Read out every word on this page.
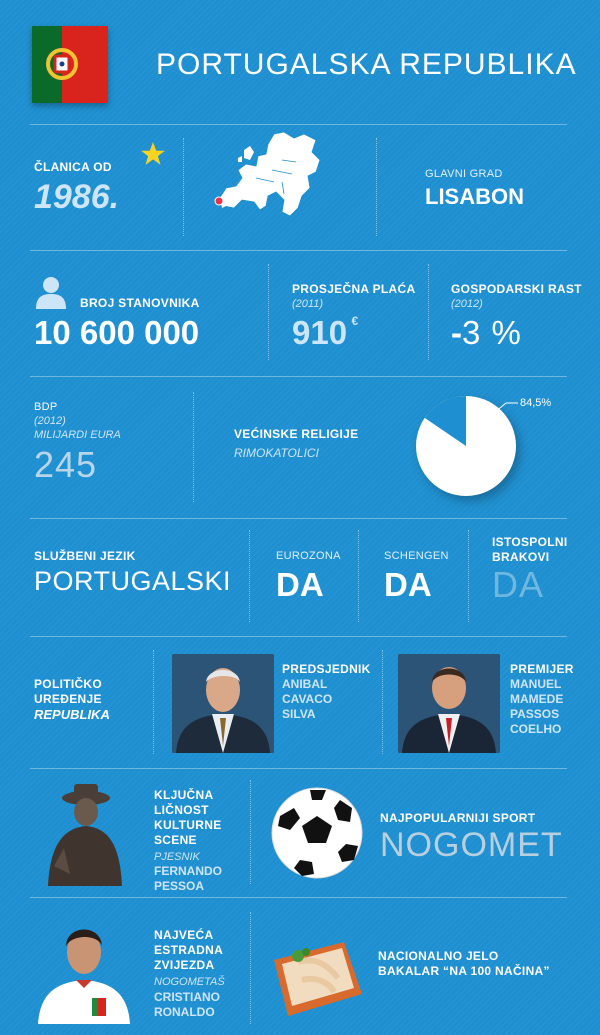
PORTUGALSKA REPUBLIKA
ČLANICA OD
1986.
GLAVNI GRAD
LISABON
BROJ STANOVNIKA
10 600 000
PROSJEČNA PLAĆA
(2011)
910 €
GOSPODARSKI RAST
(2012)
-3 %
BDP
(2012)
MILIJARDI EURA
245
VEĆINSKE RELIGIJE
RIMOKATOLICI
84,5%
SLUŽBENI JEZIK
PORTUGALSKI
EUROZONA
DA
SCHENGEN
DA
ISTOSPOLNI
BRAKOVI
DA
POLITIČKO
UREĐENJE
REPUBLIKA
PREDSJEDNIK
ANIBAL
CAVACO
SILVA
PREMIJER
MANUEL
MAMEDE
PASSOS
COELHO
KLJUČNA
LIČNOST
KULTURNE
SCENE
PJESNIK
FERNANDO
PESSOA
NAJPOPULARNIJI SPORT
NOGOMET
NAJVEĆA
ESTRADNA
ZVIJEZDA
NOGOMETAŠ
CRISTIANO
RONALDO
NACIONALNO JELO
BAKALAR “NA 100 NAČINA”
